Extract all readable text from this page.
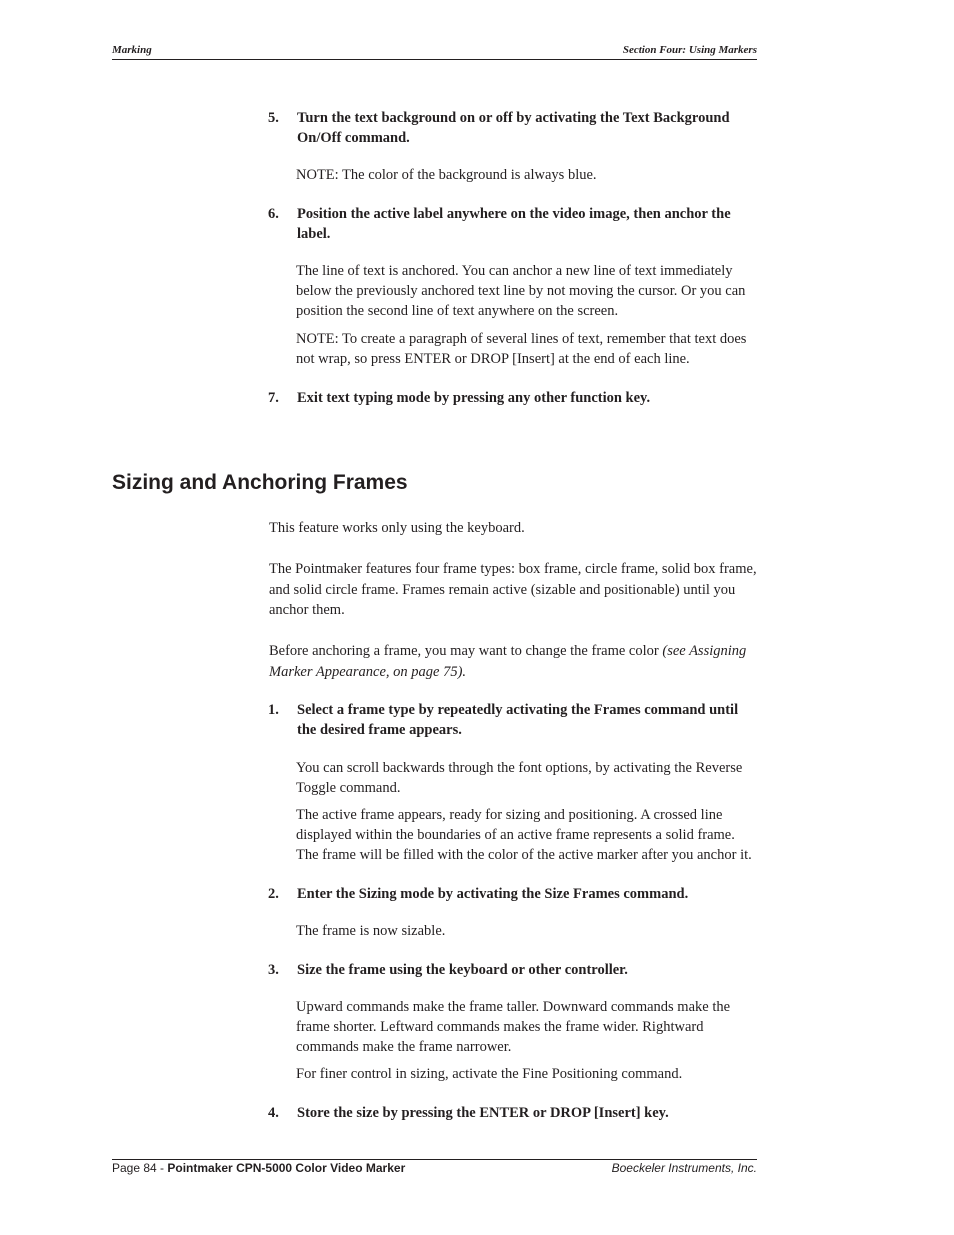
Marking	Section Four: Using Markers
5. Turn the text background on or off by activating the Text Background On/Off command.
NOTE: The color of the background is always blue.
6. Position the active label anywhere on the video image, then anchor the label.
The line of text is anchored. You can anchor a new line of text immediately below the previously anchored text line by not moving the cursor. Or you can position the second line of text anywhere on the screen.
NOTE: To create a paragraph of several lines of text, remember that text does not wrap, so press ENTER or DROP [Insert] at the end of each line.
7. Exit text typing mode by pressing any other function key.
Sizing and Anchoring Frames
This feature works only using the keyboard.
The Pointmaker features four frame types: box frame, circle frame, solid box frame, and solid circle frame. Frames remain active (sizable and positionable) until you anchor them.
Before anchoring a frame, you may want to change the frame color (see Assigning Marker Appearance, on page 75).
1. Select a frame type by repeatedly activating the Frames command until the desired frame appears.
You can scroll backwards through the font options, by activating the Reverse Toggle command.
The active frame appears, ready for sizing and positioning. A crossed line displayed within the boundaries of an active frame represents a solid frame. The frame will be filled with the color of the active marker after you anchor it.
2. Enter the Sizing mode by activating the Size Frames command.
The frame is now sizable.
3. Size the frame using the keyboard or other controller.
Upward commands make the frame taller. Downward commands make the frame shorter. Leftward commands makes the frame wider. Rightward commands make the frame narrower.
For finer control in sizing, activate the Fine Positioning command.
4. Store the size by pressing the ENTER or DROP [Insert] key.
Page 84 - Pointmaker CPN-5000 Color Video Marker	Boeckeler Instruments, Inc.
